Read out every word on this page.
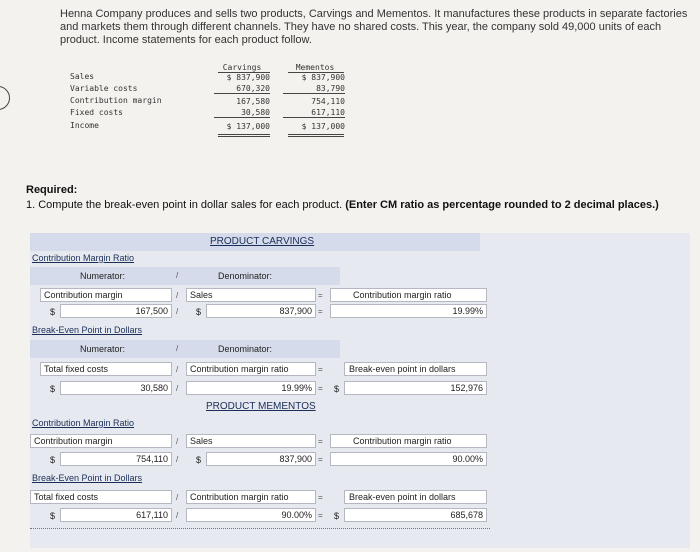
Henna Company produces and sells two products, Carvings and Mementos. It manufactures these products in separate factories and markets them through different channels. They have no shared costs. This year, the company sold 49,000 units of each product. Income statements for each product follow.
Carvings	Mementos
Sales	$ 837,900	$ 837,900
Variable costs	670,320	83,790
Contribution margin	167,580	754,110
Fixed costs	30,580	617,110
Income	$ 137,000	$ 137,000
Required:
1. Compute the break-even point in dollar sales for each product. (Enter CM ratio as percentage rounded to 2 decimal places.)
PRODUCT CARVINGS
Contribution Margin Ratio
Numerator:	/	Denominator:
Contribution margin	/ Sales	=	Contribution margin ratio
$	167,500 / $	837,900 =	19.99%
Break-Even Point in Dollars
Numerator:	/	Denominator:
Total fixed costs	/ Contribution margin ratio	=	Break-even point in dollars
$	30,580 /	19.99% = $	152,976
PRODUCT MEMENTOS
Contribution Margin Ratio
Contribution margin	/ Sales	=	Contribution margin ratio
$	754,110 / $	837,900 =	90.00%
Break-Even Point in Dollars
Total fixed costs	/ Contribution margin ratio	=	Break-even point in dollars
$	617,110 /	90.00% = $	685,678
